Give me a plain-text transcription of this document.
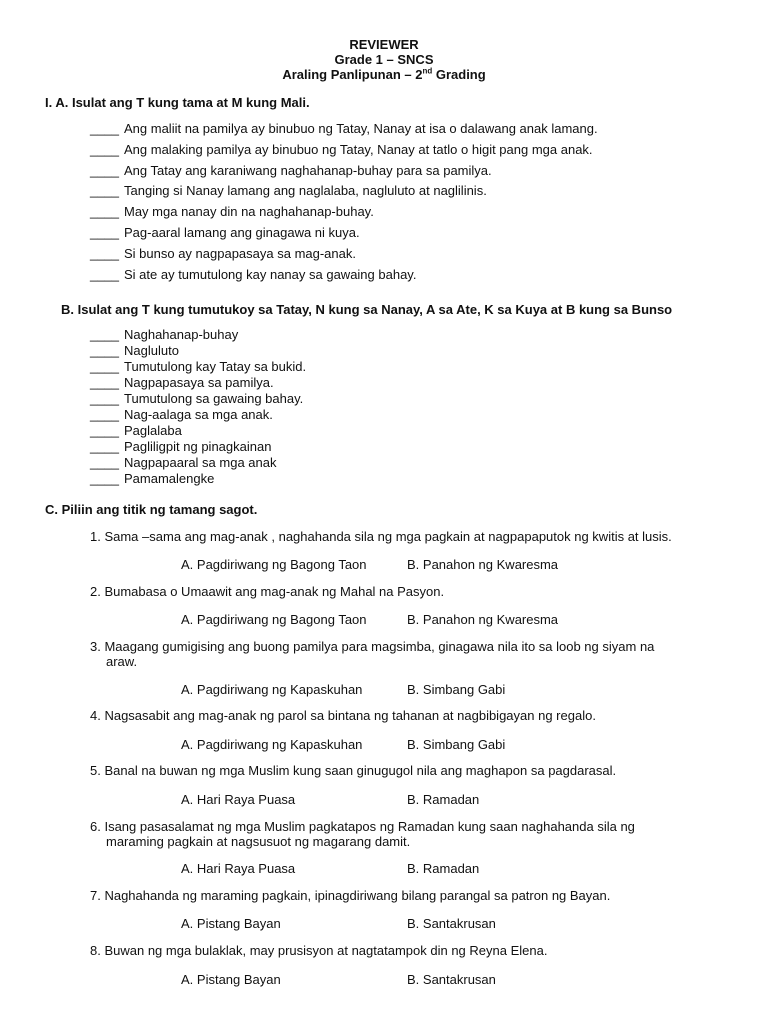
REVIEWER
Grade 1 – SNCS
Araling Panlipunan – 2nd Grading
I. A. Isulat ang T kung tama at M kung Mali.
____Ang maliit na pamilya ay binubuo ng Tatay, Nanay at isa o dalawang anak lamang.
____Ang malaking pamilya ay binubuo ng Tatay, Nanay at tatlo o higit pang mga anak.
____Ang Tatay ang karaniwang naghahanap-buhay para sa pamilya.
____Tanging si Nanay lamang ang naglalaba, nagluluto at naglilinis.
____May mga nanay din na naghahanap-buhay.
____Pag-aaral lamang ang ginagawa ni kuya.
____Si bunso ay nagpapasaya sa mag-anak.
____Si ate ay tumutulong kay nanay sa gawaing bahay.
B. Isulat ang T kung tumutukoy sa Tatay, N kung sa Nanay, A sa Ate, K sa Kuya at B kung sa Bunso
____Naghahanap-buhay
____Nagluluto
____Tumutulong kay Tatay sa bukid.
____Nagpapasaya sa pamilya.
____Tumutulong sa gawaing bahay.
____Nag-aalaga sa mga anak.
____Paglalaba
____Pagliligpit ng pinagkainan
____Nagpapaaral sa mga anak
____Pamamalengke
C. Piliin ang titik ng tamang sagot.
1. Sama –sama ang mag-anak , naghahanda sila ng mga pagkain at nagpapaputok ng kwitis at lusis.
A. Pagdiriwang ng Bagong Taon	B. Panahon ng Kwaresma
2. Bumabasa o Umaawit ang mag-anak ng Mahal na Pasyon.
A. Pagdiriwang ng Bagong Taon	B. Panahon ng Kwaresma
3. Maagang gumigising ang buong pamilya para magsimba, ginagawa nila ito sa loob ng siyam na
araw.
A. Pagdiriwang ng Kapaskuhan	B. Simbang Gabi
4. Nagsasabit ang mag-anak ng parol sa bintana ng tahanan at nagbibigayan ng regalo.
A. Pagdiriwang ng Kapaskuhan	B. Simbang Gabi
5. Banal na buwan ng mga Muslim kung saan ginugugol nila ang maghapon sa pagdarasal.
A. Hari Raya Puasa	B. Ramadan
6. Isang pasasalamat ng mga Muslim pagkatapos ng Ramadan kung saan naghahanda sila ng
maraming pagkain at nagsusuot ng magarang damit.
A. Hari Raya Puasa	B. Ramadan
7. Naghahanda ng maraming pagkain, ipinagdiriwang bilang parangal sa patron ng Bayan.
A. Pistang Bayan	B. Santakrusan
8. Buwan ng mga bulaklak, may prusisyon at nagtatampok din ng Reyna Elena.
A. Pistang Bayan	B. Santakrusan
